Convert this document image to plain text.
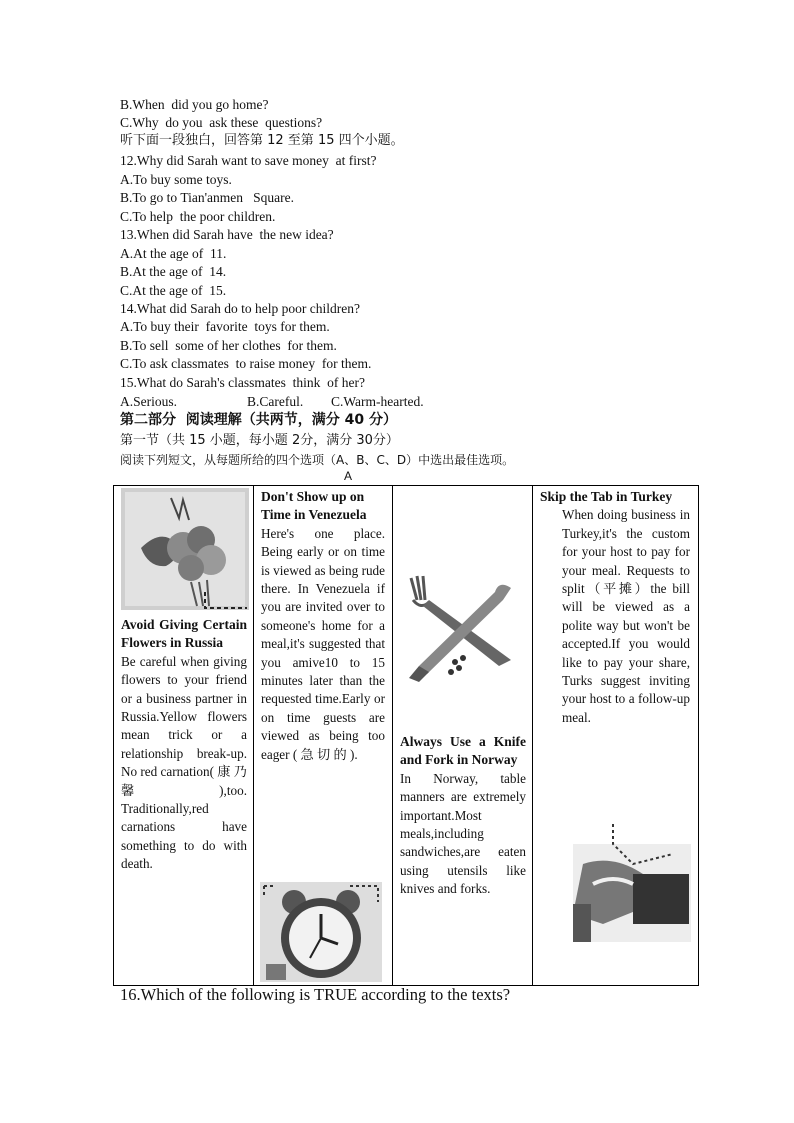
B.When  did you go home?
C.Why  do you  ask these  questions?
听下面一段独白，回答第 12 至第 15 四个小题。
12.Why did Sarah want to save money  at first?
A.To buy some toys.
B.To go to Tian'anmen   Square.
C.To help  the poor children.
13.When did Sarah have  the new idea?
A.At the age of  11.
B.At the age of  14.
C.At the age of  15.
14.What did Sarah do to help poor children?
A.To buy their  favorite  toys for them.
B.To sell  some of her clothes  for them.
C.To ask classmates  to raise money  for them.
15.What do Sarah's classmates  think  of her?
A.Serious.	B.Careful. C.Warm-hearted.
第二部分  阅读理解（共两节，满分 40 分）
第一节（共 15 小题，每小题 2分，满分 30分）
阅读下列短文，从每题所给的四个选项（A、B、C、D）中选出最佳选项。
A
Avoid Giving Certain Flowers in Russia
Be careful when giving flowers to your friend or a business partner in Russia.Yellow flowers mean trick or a relationship break-up. No red carnation( 康 乃 馨 ),too. Traditionally,red carnations have something to do with death.

Don't Show up on Time in Venezuela
Here's one place. Being early or on time is viewed as being rude there. In Venezuela if you are invited over to someone's home for a meal,it's suggested that you amive10 to 15 minutes later than the requested time.Early or on time guests are viewed as being too eager ( 急 切 的 ).

Always Use a Knife and Fork in Norway
In Norway, table manners are extremely important.Most meals,including sandwiches,are eaten using utensils like knives and forks.

Skip the Tab in Turkey
When doing business in Turkey,it's the custom for your host to pay for your meal. Requests to split（平摊）the bill will be viewed as a polite way but won't be accepted.If you would like to pay your share, Turks suggest inviting your host to a follow-up meal.
16.Which of the following is TRUE according to the texts?
